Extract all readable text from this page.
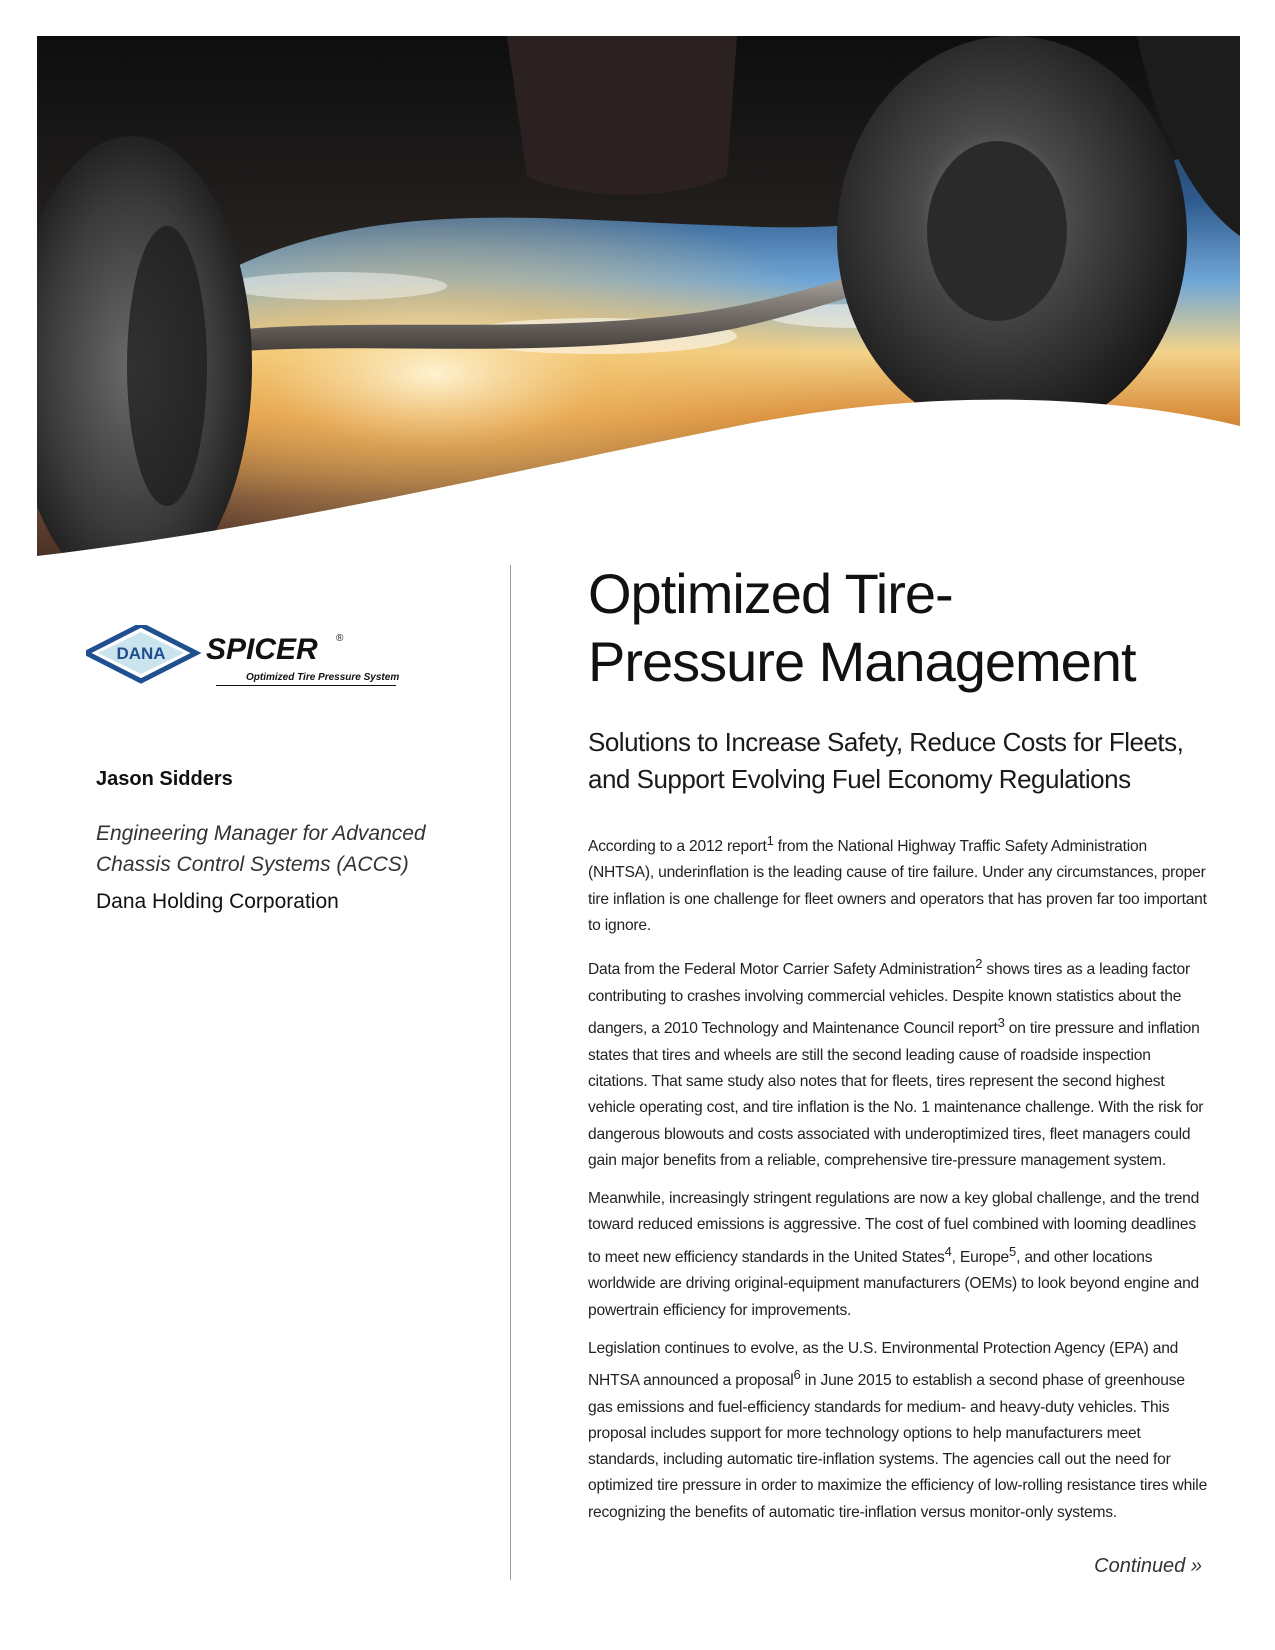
DANA SPICER ®
Optimized Tire Pressure System
Jason Sidders
Engineering Manager for Advanced Chassis Control Systems (ACCS)
Dana Holding Corporation
Optimized Tire-
Pressure Management
Solutions to Increase Safety, Reduce Costs for Fleets,
and Support Evolving Fuel Economy Regulations

According to a 2012 report$^1$ from the National Highway Traffic Safety Administration (NHTSA), underinflation is the leading cause of tire failure. Under any circumstances, proper tire inflation is one challenge for fleet owners and operators that has proven far too important to ignore.

Data from the Federal Motor Carrier Safety Administration$^2$ shows tires as a leading factor contributing to crashes involving commercial vehicles. Despite known statistics about the dangers, a 2010 Technology and Maintenance Council report$^3$ on tire pressure and inflation states that tires and wheels are still the second leading cause of roadside inspection citations. That same study also notes that for fleets, tires represent the second highest vehicle operating cost, and tire inflation is the No. 1 maintenance challenge. With the risk for dangerous blowouts and costs associated with underoptimized tires, fleet managers could gain major benefits from a reliable, comprehensive tire-pressure management system.

Meanwhile, increasingly stringent regulations are now a key global challenge, and the trend toward reduced emissions is aggressive. The cost of fuel combined with looming deadlines to meet new efficiency standards in the United States$^4$, Europe$^5$, and other locations worldwide are driving original-equipment manufacturers (OEMs) to look beyond engine and powertrain efficiency for improvements.

Legislation continues to evolve, as the U.S. Environmental Protection Agency (EPA) and NHTSA announced a proposal$^6$ in June 2015 to establish a second phase of greenhouse gas emissions and fuel-efficiency standards for medium- and heavy-duty vehicles. This proposal includes support for more technology options to help manufacturers meet standards, including automatic tire-inflation systems. The agencies call out the need for optimized tire pressure in order to maximize the efficiency of low-rolling resistance tires while recognizing the benefits of automatic tire-inflation versus monitor-only systems.

Continued »
